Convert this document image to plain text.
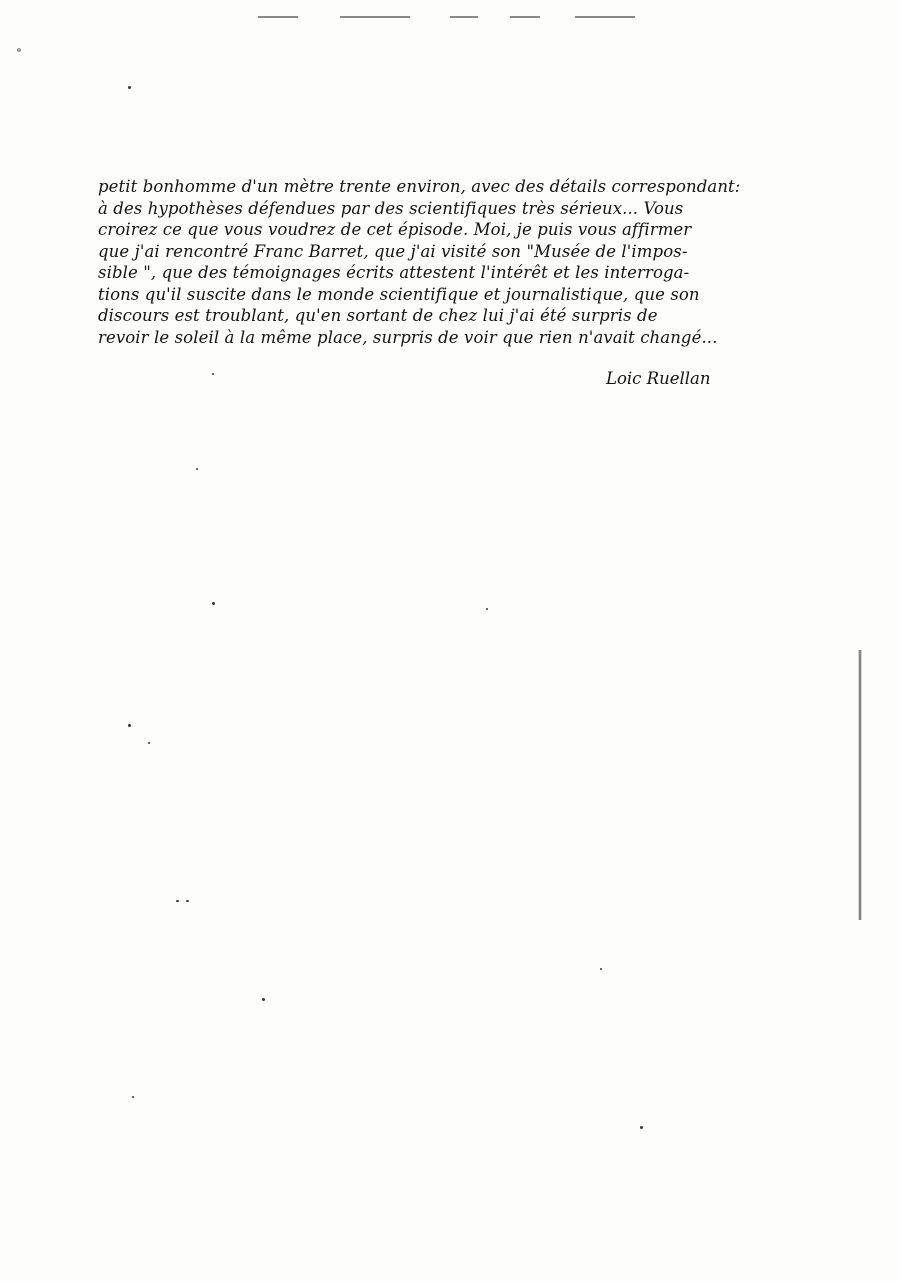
petit bonhomme d'un mètre trente environ, avec des détails correspondant:
à des hypothèses défendues par des scientifiques très sérieux... Vous
croirez ce que vous voudrez de cet épisode. Moi, je puis vous affirmer
que j'ai rencontré Franc Barret, que j'ai visité son "Musée de l'impos-
sible ", que des témoignages écrits attestent l'intérêt et les interroga-
tions qu'il suscite dans le monde scientifique et journalistique, que son
discours est troublant, qu'en sortant de chez lui j'ai été surpris de
revoir le soleil à la même place, surpris de voir que rien n'avait changé...
Loic Ruellan
